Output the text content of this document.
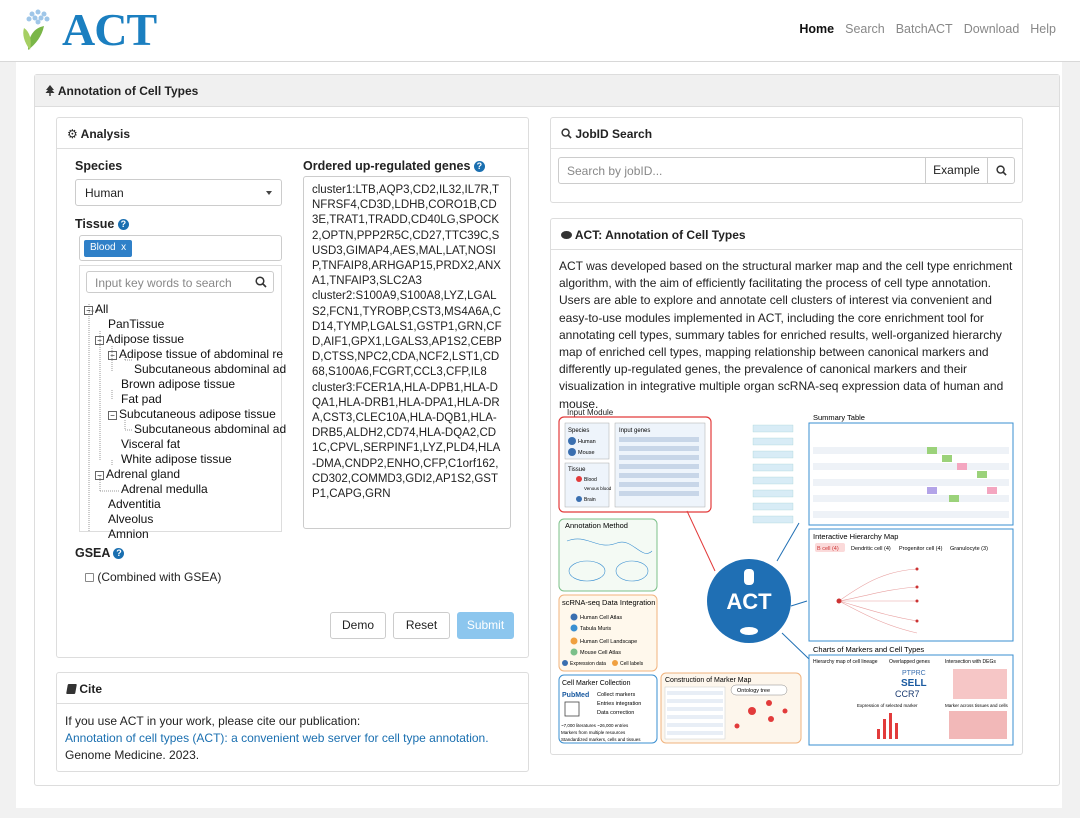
ACT	Home Search BatchACT Download Help
Annotation of Cell Types
⚙ Analysis
Species
Human
Tissue ?
Blood x
Input key words to search
− All
PanTissue
− Adipose tissue
− Adipose tissue of abdominal re
Subcutaneous abdominal ad
Brown adipose tissue
Fat pad
− Subcutaneous adipose tissue
Subcutaneous abdominal ad
Visceral fat
White adipose tissue
− Adrenal gland
Adrenal medulla
Adventitia
Alveolus
Amnion
Ordered up-regulated genes ?
cluster1:LTB,AQP3,CD2,IL32,IL7R,TNFRSF4,CD3D,LDHB,CORO1B,CD3E,TRAT1,TRADD,CD40LG,SPOCK2,OPTN,PPP2R5C,CD27,TTC39C,SUSD3,GIMAP4,AES,MAL,LAT,NOSIP,TNFAIP8,ARHGAP15,PRDX2,ANXA1,TNFAIP3,SLC2A3
cluster2:S100A9,S100A8,LYZ,LGALS2,FCN1,TYROBP,CST3,MS4A6A,CD14,TYMP,LGALS1,GSTP1,GRN,CFD,AIF1,GPX1,LGALS3,AP1S2,CEBPD,CTSS,NPC2,CDA,NCF2,LST1,CD68,S100A6,FCGRT,CCL3,CFP,IL8
cluster3:FCER1A,HLA-DPB1,HLA-DQA1,HLA-DRB1,HLA-DPA1,HLA-DRA,CST3,CLEC10A,HLA-DQB1,HLA-DRB5,ALDH2,CD74,HLA-DQA2,CD1C,CPVL,SERPINF1,LYZ,PLD4,HLA-DMA,CNDP2,ENHO,CFP,C1orf162,CD302,COMMD3,GDI2,AP1S2,GSTP1,CAPG,GRN
GSEA ?
(Combined with GSEA)
Demo	Reset	Submit
Cite
If you use ACT in your work, please cite our publication:
Annotation of cell types (ACT): a convenient web server for cell type annotation.
Genome Medicine. 2023.
JobID Search
Search by jobID...	Example
ACT: Annotation of Cell Types
ACT was developed based on the structural marker map and the cell type enrichment algorithm, with the aim of efficiently facilitating the process of cell type annotation. Users are able to explore and annotate cell clusters of interest via convenient and easy-to-use modules implemented in ACT, including the core enrichment tool for annotating cell types, summary tables for enriched results, well-organized hierarchy map of enriched cell types, mapping relationship between canonical markers and differently up-regulated genes, the prevalence of canonical markers and their visualization in integrative multiple organ scRNA-seq expression data of human and mouse.
Input Module
Species
Human
Mouse
Tissue
Blood
Venous blood
Brain
Input genes
Annotation Method
scRNA-seq Data Integration
Human Cell Atlas
Tabula Muris
Human Cell Landscape
Mouse Cell Atlas
Expression data	Cell labels
Cell Marker Collection
PubMed Collect markers
Entries integration
Data correction
~7,000 literatures ~26,000 entries
Markers from multiple resources
Standardized markers, cells and tissues
Construction of Marker Map
Ontology tree
ACT
Summary Table
Interactive Hierarchy Map
B cell (4) Dendritic cell (4) Progenitor cell (4) Granulocyte (3)
Charts of Markers and Cell Types
Hierarchy map of cell lineage Overlapped genes	Intersection with DEGs
PTPRC
SELL
CCR7
Expression of selected marker	Marker across tissues and cells
